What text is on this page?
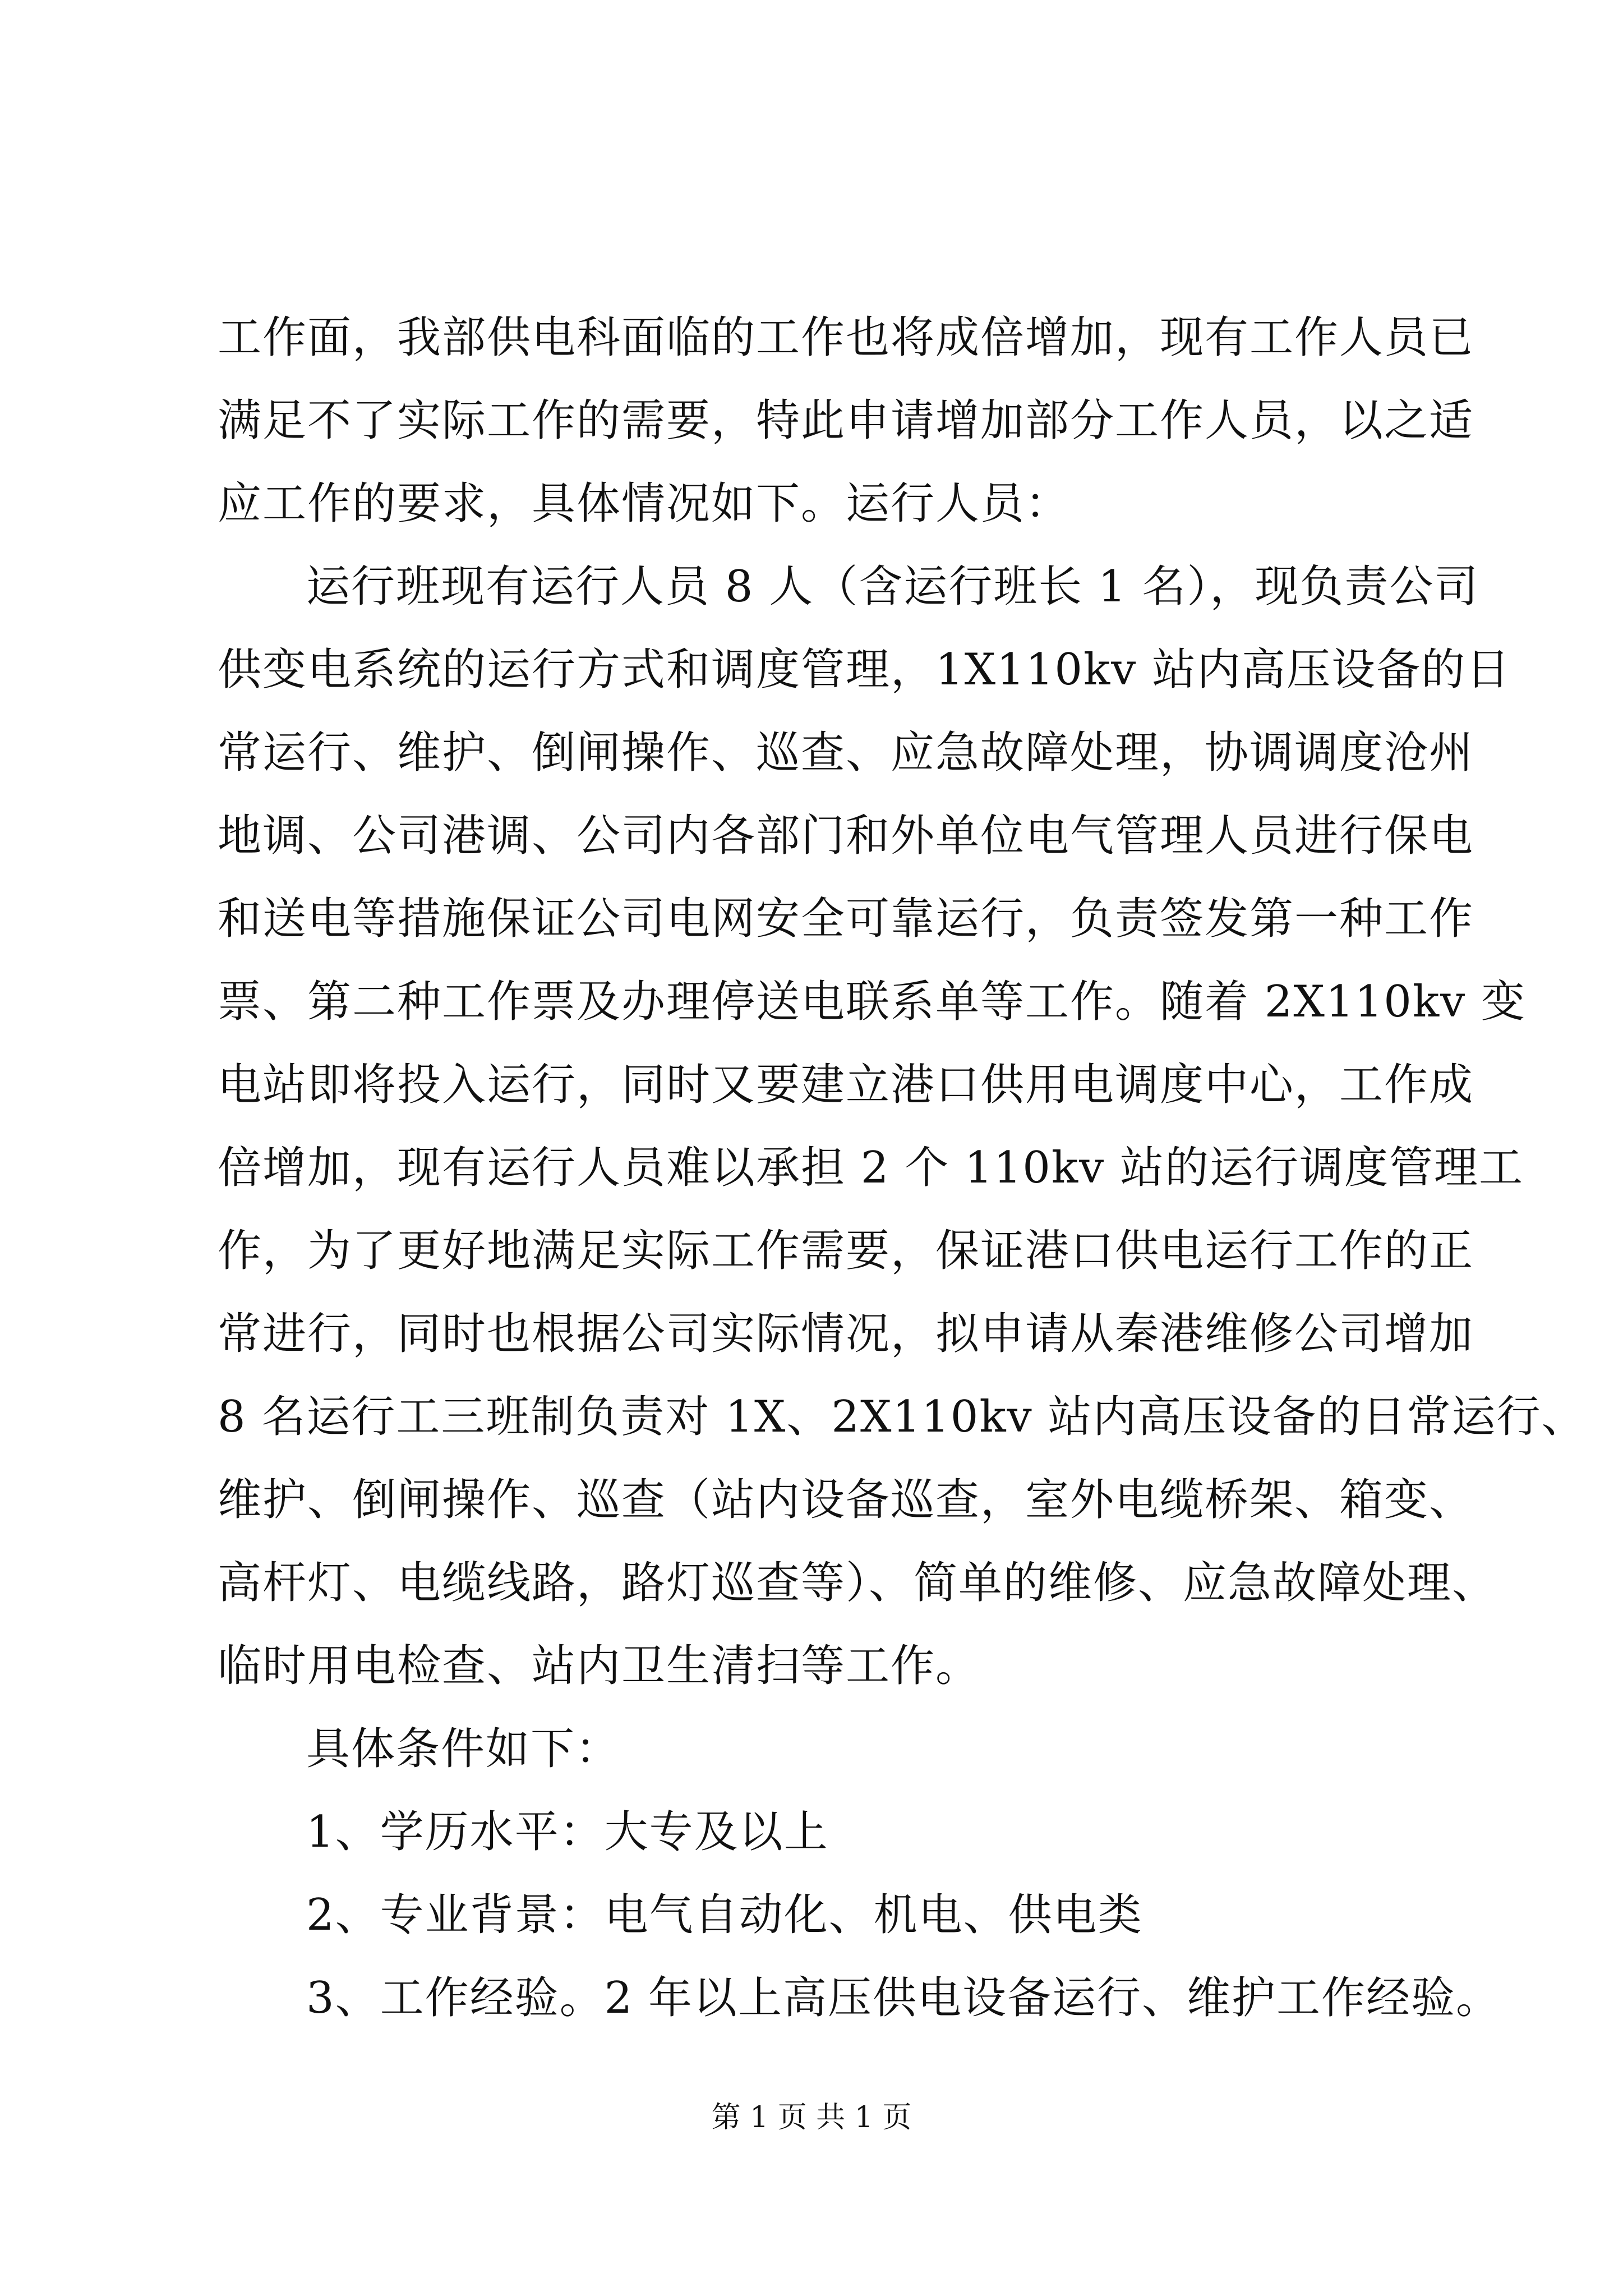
工作面，我部供电科面临的工作也将成倍增加，现有工作人员已
满足不了实际工作的需要，特此申请增加部分工作人员，以之适
应工作的要求，具体情况如下。运行人员：
运行班现有运行人员 8 人（含运行班长 1 名），现负责公司
供变电系统的运行方式和调度管理，1X110kv 站内高压设备的日
常运行、维护、倒闸操作、巡查、应急故障处理，协调调度沧州
地调、公司港调、公司内各部门和外单位电气管理人员进行保电
和送电等措施保证公司电网安全可靠运行，负责签发第一种工作
票、第二种工作票及办理停送电联系单等工作。随着 2X110kv 变
电站即将投入运行，同时又要建立港口供用电调度中心，工作成
倍增加，现有运行人员难以承担 2 个 110kv 站的运行调度管理工
作，为了更好地满足实际工作需要，保证港口供电运行工作的正
常进行，同时也根据公司实际情况，拟申请从秦港维修公司增加
8 名运行工三班制负责对 1X、2X110kv 站内高压设备的日常运行、
维护、倒闸操作、巡查（站内设备巡查，室外电缆桥架、箱变、
高杆灯、电缆线路，路灯巡查等）、简单的维修、应急故障处理、
临时用电检查、站内卫生清扫等工作。
具体条件如下：
1、学历水平：大专及以上
2、专业背景：电气自动化、机电、供电类
3、工作经验。2 年以上高压供电设备运行、维护工作经验。
第 1 页 共 1 页
